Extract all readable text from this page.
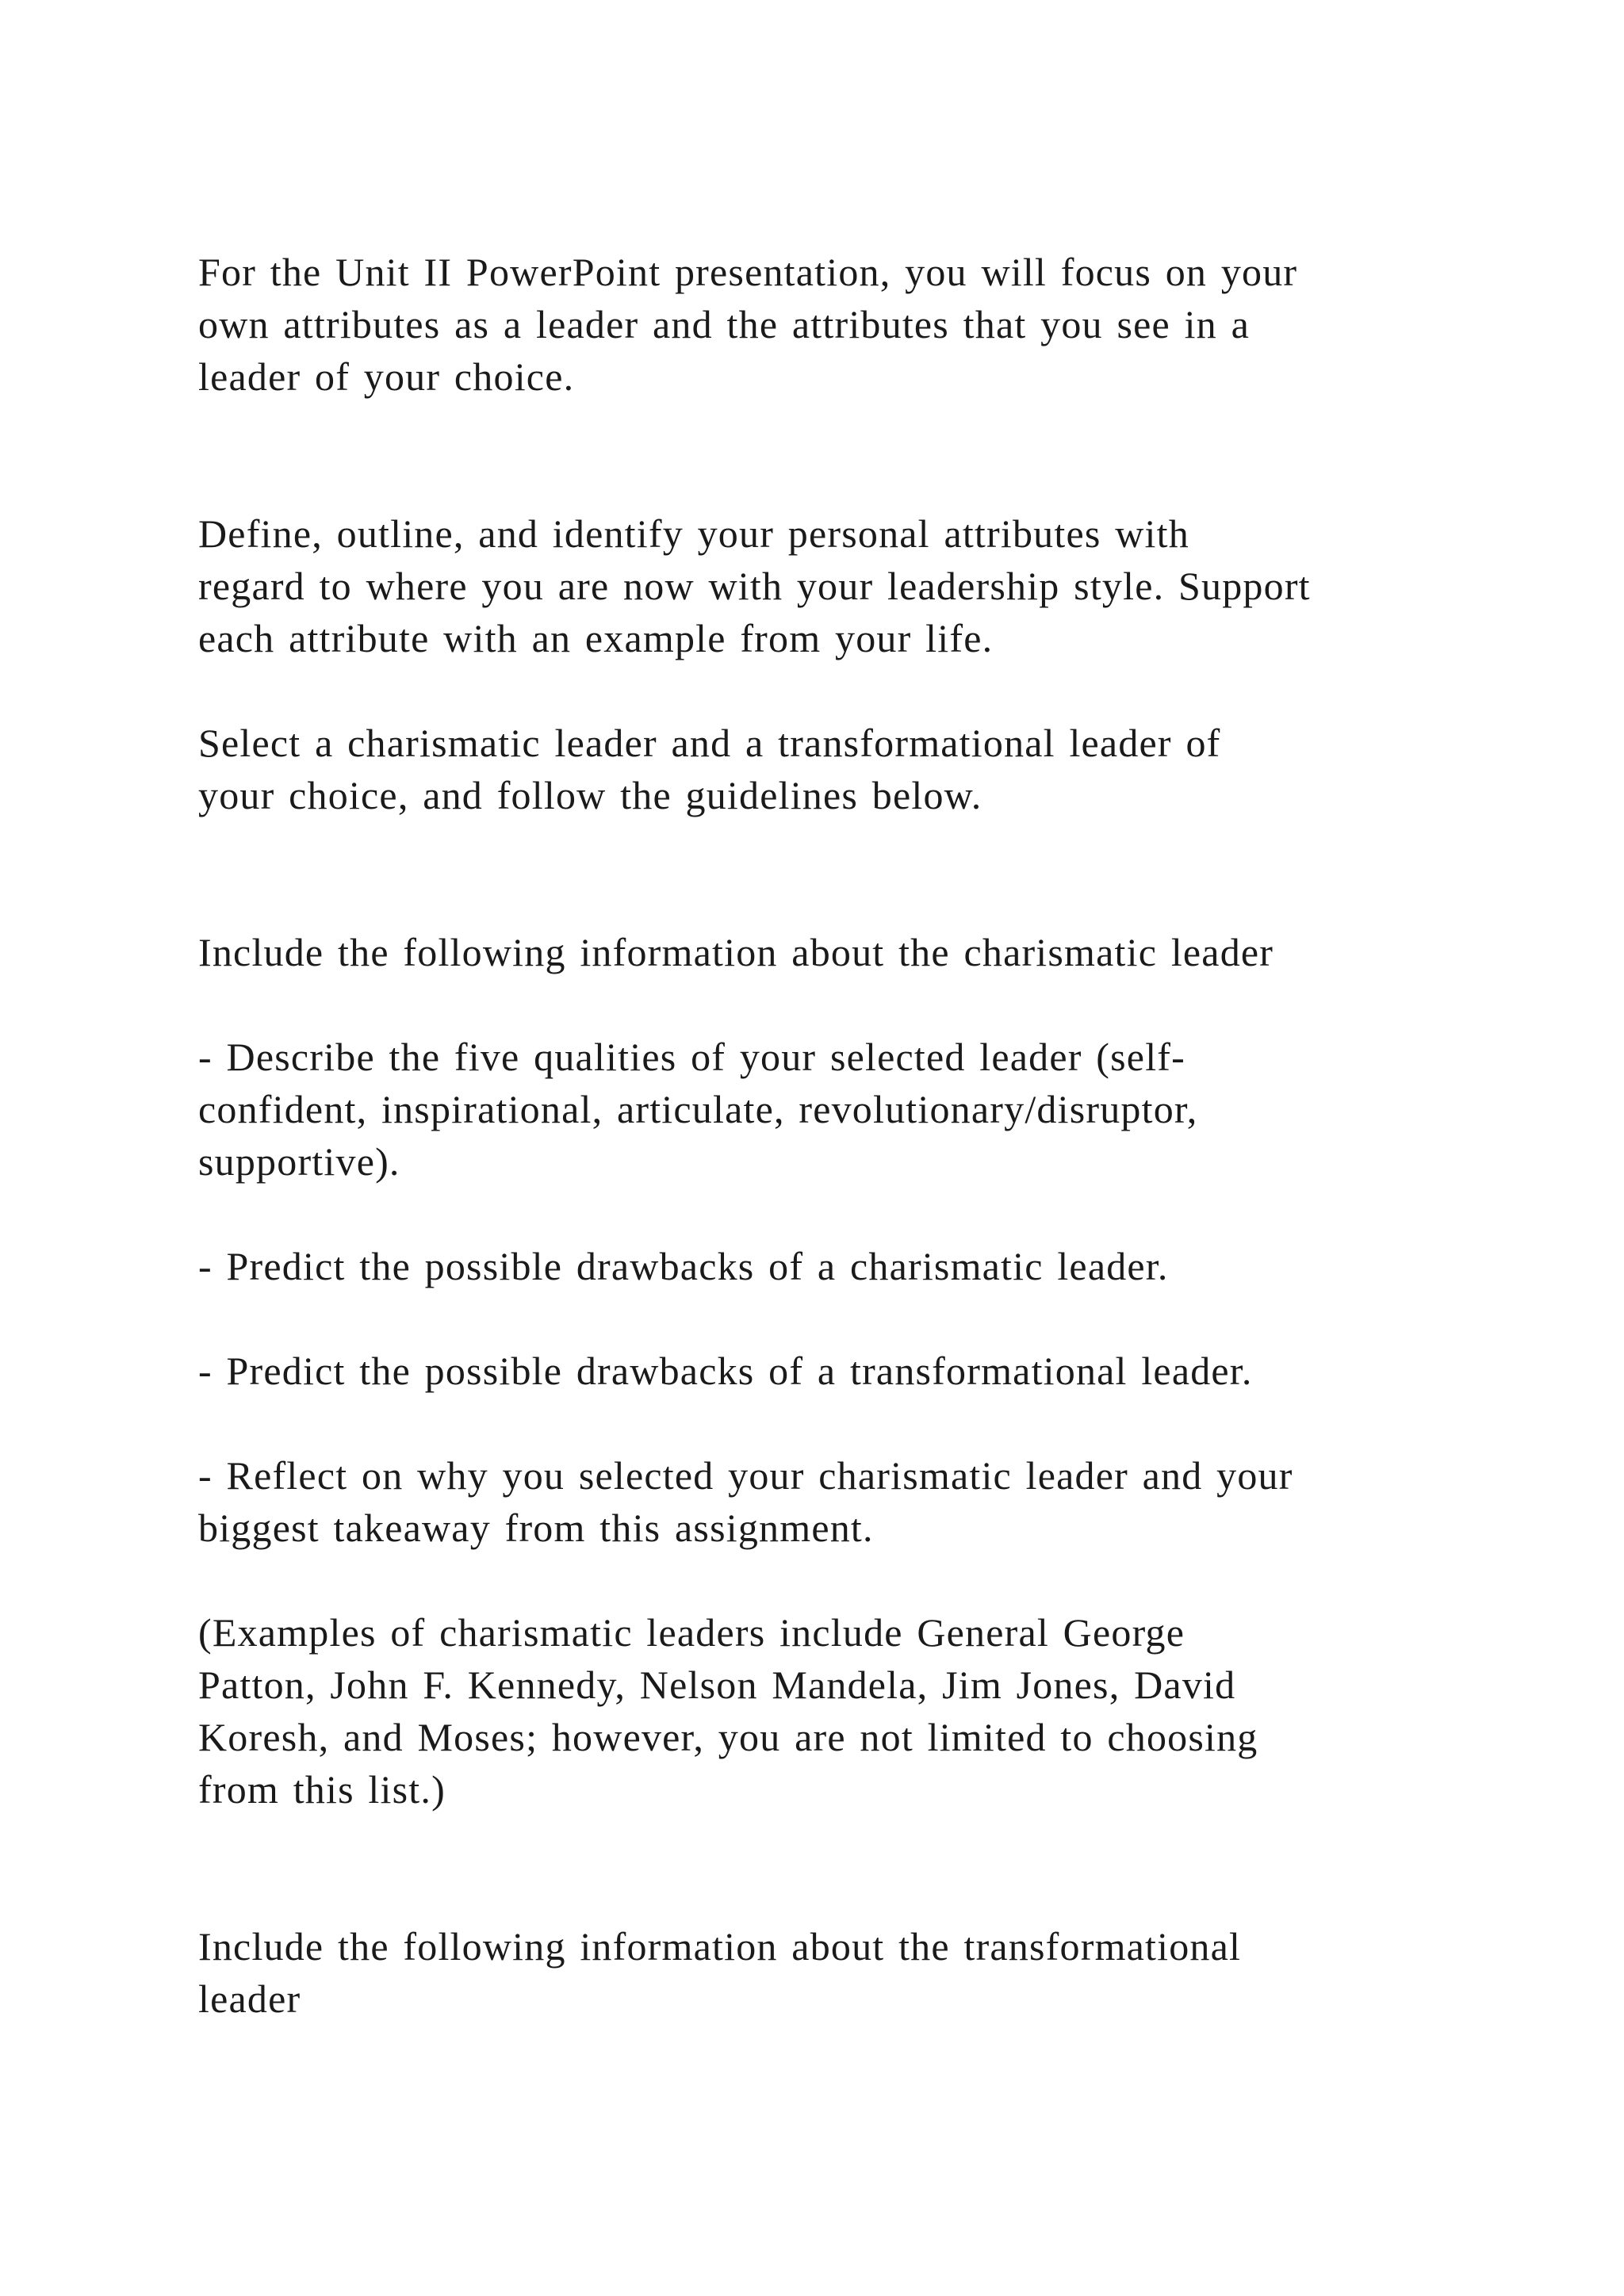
For the Unit II PowerPoint presentation, you will focus on your
own attributes as a leader and the attributes that you see in a
leader of your choice.

Define, outline, and identify your personal attributes with
regard to where you are now with your leadership style. Support
each attribute with an example from your life.

Select a charismatic leader and a transformational leader of
your choice, and follow the guidelines below.

Include the following information about the charismatic leader

- Describe the five qualities of your selected leader (self-
confident, inspirational, articulate, revolutionary/disruptor,
supportive).

- Predict the possible drawbacks of a charismatic leader.

- Predict the possible drawbacks of a transformational leader.

- Reflect on why you selected your charismatic leader and your
biggest takeaway from this assignment.

(Examples of charismatic leaders include General George
Patton, John F. Kennedy, Nelson Mandela, Jim Jones, David
Koresh, and Moses; however, you are not limited to choosing
from this list.)

Include the following information about the transformational
leader
